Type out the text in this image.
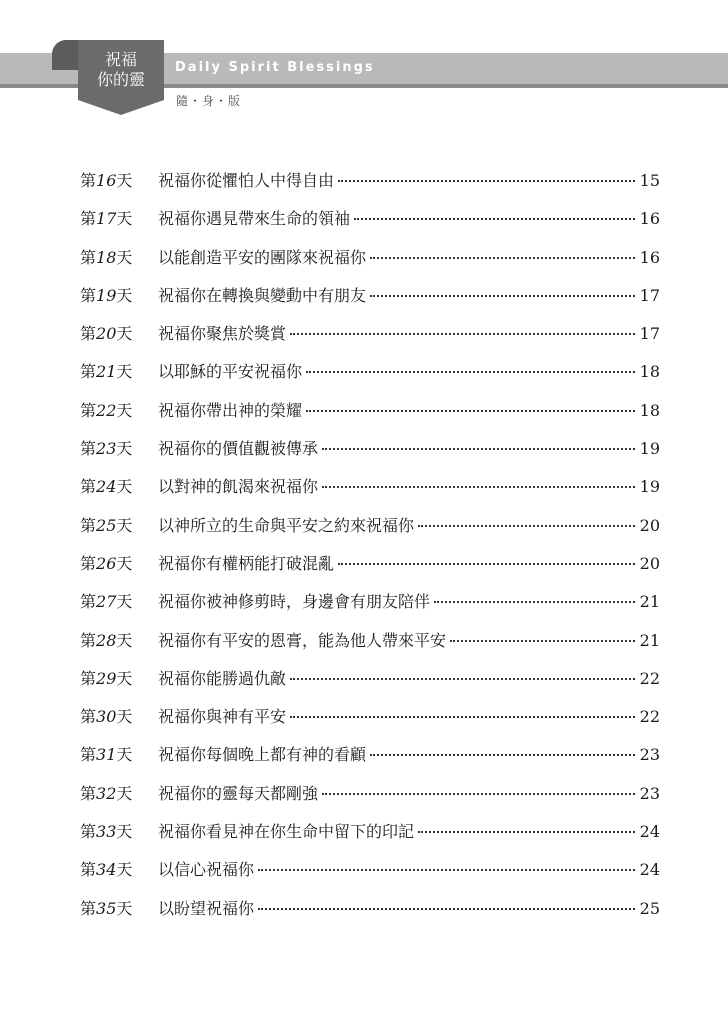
祝福
你的靈
Daily Spirit Blessings
隨・身・版
第16天	祝福你從懼怕人中得自由	15
第17天	祝福你遇見帶來生命的領袖	16
第18天	以能創造平安的團隊來祝福你	16
第19天	祝福你在轉換與變動中有朋友	17
第20天	祝福你聚焦於獎賞	17
第21天	以耶穌的平安祝福你	18
第22天	祝福你帶出神的榮耀	18
第23天	祝福你的價值觀被傳承	19
第24天	以對神的飢渴來祝福你	19
第25天	以神所立的生命與平安之約來祝福你	20
第26天	祝福你有權柄能打破混亂	20
第27天	祝福你被神修剪時，身邊會有朋友陪伴	21
第28天	祝福你有平安的恩膏，能為他人帶來平安	21
第29天	祝福你能勝過仇敵	22
第30天	祝福你與神有平安	22
第31天	祝福你每個晚上都有神的看顧	23
第32天	祝福你的靈每天都剛強	23
第33天	祝福你看見神在你生命中留下的印記	24
第34天	以信心祝福你	24
第35天	以盼望祝福你	25
